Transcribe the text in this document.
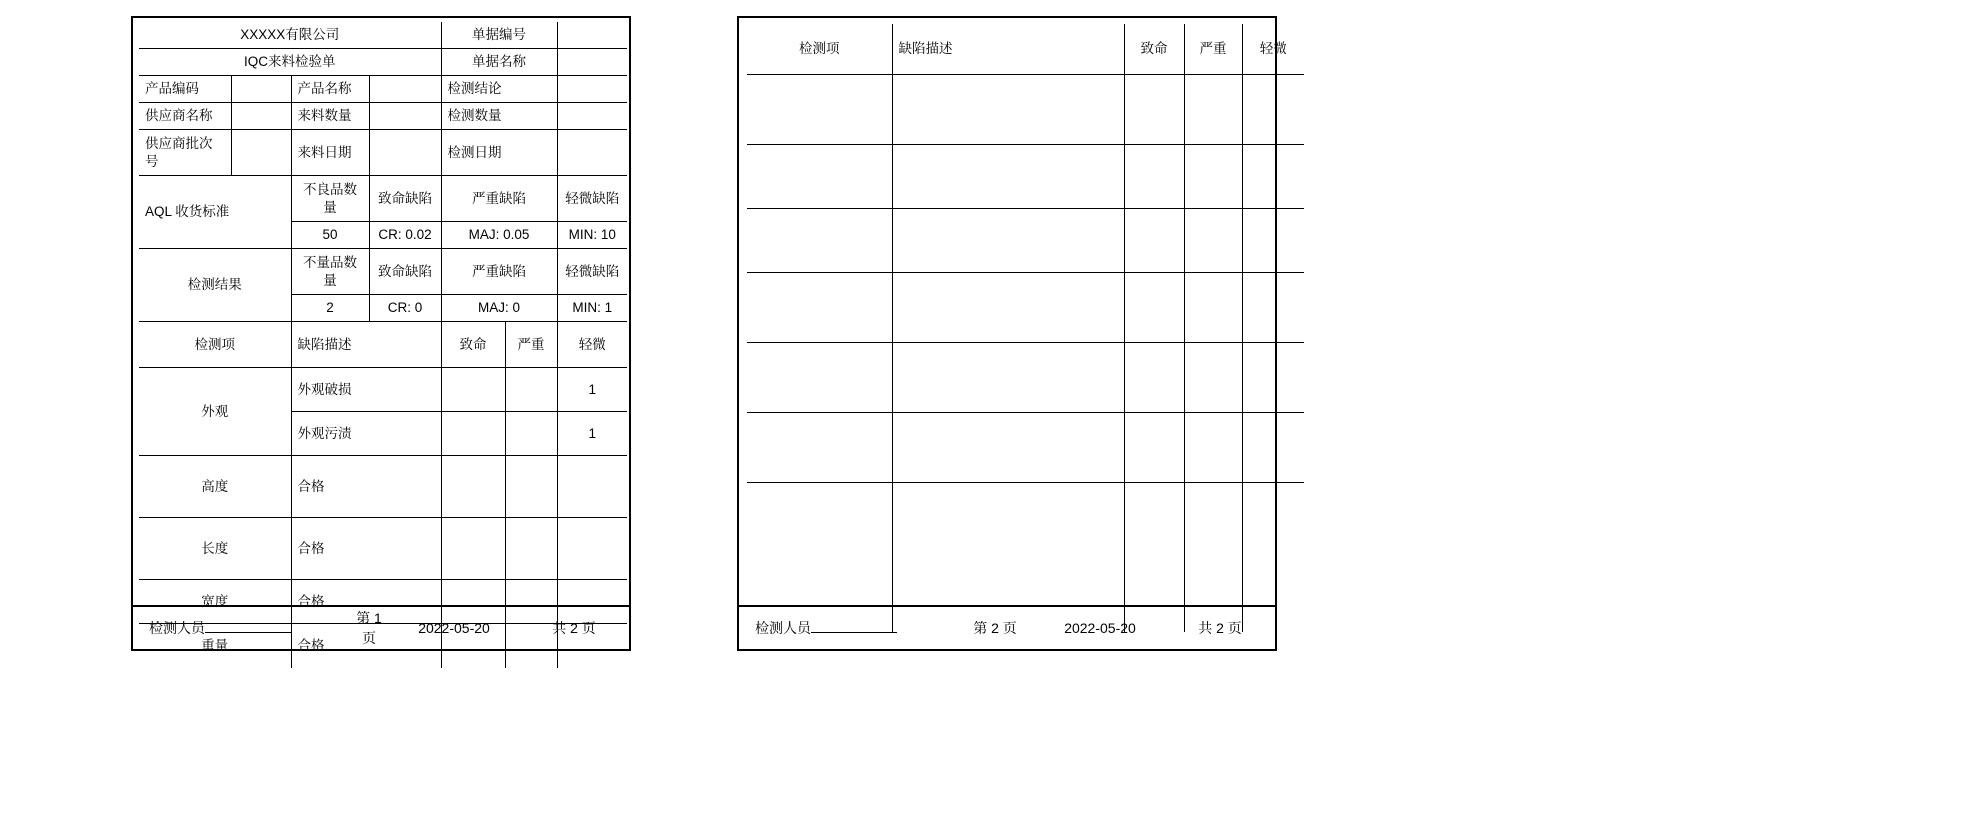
XXXXX有限公司				单据编号		
IQC来料检验单				单据名称		
产品编码		产品名称		检测结论		
供应商名称		来料数量		检测数量		
供应商批次号		来料日期		检测日期		
AQL 收货标准		不良品数量	致命缺陷	严重缺陷		轻微缺陷
		50	CR: 0.02	MAJ: 0.05		MIN: 10
检测结果		不量品数量	致命缺陷	严重缺陷		轻微缺陷
		2	CR: 0	MAJ: 0		MIN: 1
检测项		缺陷描述		致命	严重	轻微
外观		外观破损				1
		外观污渍				1
高度		合格				
长度		合格				
宽度		合格				
重量		合格				
检测人员
第 1 页
2022-05-20	共 2 页
检测项	缺陷描述	致命	严重	轻微

检测人员	第 2 页	2022-05-20	共 2 页
